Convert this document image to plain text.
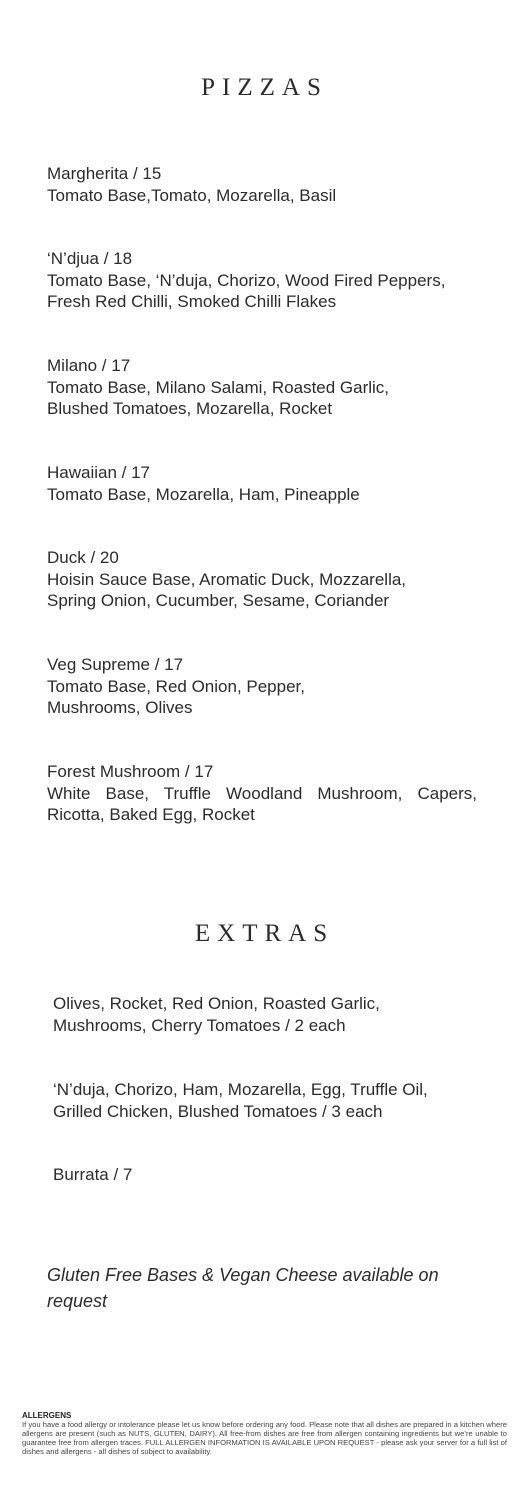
PIZZAS
Margherita / 15
Tomato Base,Tomato, Mozarella, Basil
‘N’djua / 18
Tomato Base, ‘N’duja, Chorizo, Wood Fired Peppers, Fresh Red Chilli, Smoked Chilli Flakes
Milano / 17
Tomato Base, Milano Salami, Roasted Garlic, Blushed Tomatoes, Mozarella, Rocket
Hawaiian / 17
Tomato Base, Mozarella, Ham, Pineapple
Duck / 20
Hoisin Sauce Base, Aromatic Duck, Mozzarella, Spring Onion, Cucumber, Sesame, Coriander
Veg Supreme / 17
Tomato Base, Red Onion, Pepper, Mushrooms, Olives
Forest Mushroom / 17
White Base, Truffle Woodland Mushroom, Capers, Ricotta, Baked Egg, Rocket
EXTRAS
Olives, Rocket, Red Onion, Roasted Garlic, Mushrooms, Cherry Tomatoes / 2 each
‘N’duja, Chorizo, Ham, Mozarella, Egg, Truffle Oil, Grilled Chicken, Blushed Tomatoes / 3 each
Burrata / 7
Gluten Free Bases & Vegan Cheese available on request
ALLERGENS
If you have a food allergy or intolerance please let us know before ordering any food. Please note that all dishes are prepared in a kitchen where allergens are present (such as NUTS, GLUTEN, DAIRY). All free-from dishes are free from allergen containing ingredients but we’re unable to guarantee free from allergen traces. FULL ALLERGEN INFORMATION IS AVAILABLE UPON REQUEST - please ask your server for a full list of dishes and allergens - all dishes of subject to availability.
